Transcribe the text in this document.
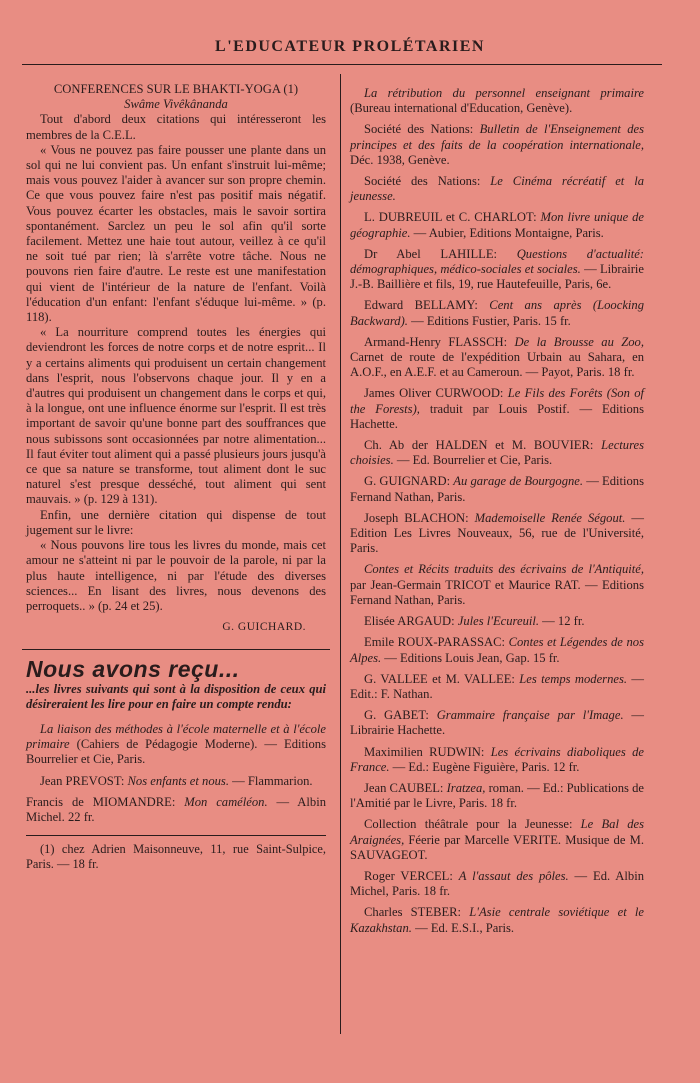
L'EDUCATEUR PROLÉTARIEN

CONFERENCES SUR LE BHAKTI-YOGA (1)

Swâme Vivêkânanda

Tout d'abord deux citations qui intéresseront les membres de la C.E.L.

« Vous ne pouvez pas faire pousser une plante dans un sol qui ne lui convient pas. Un enfant s'instruit lui-même; mais vous pouvez l'aider à avancer sur son propre chemin. Ce que vous pouvez faire n'est pas positif mais négatif. Vous pouvez écarter les obstacles, mais le savoir sortira spontanément. Sarclez un peu le sol afin qu'il sorte facilement. Mettez une haie tout autour, veillez à ce qu'il ne soit tué par rien; là s'arrête votre tâche. Nous ne pouvons rien faire d'autre. Le reste est une manifestation qui vient de l'intérieur de la nature de l'enfant. Voilà l'éducation d'un enfant: l'enfant s'éduque lui-même. » (p. 118).

« La nourriture comprend toutes les énergies qui deviendront les forces de notre corps et de notre esprit... Il y a certains aliments qui produisent un certain changement dans l'esprit, nous l'observons chaque jour. Il y en a d'autres qui produisent un changement dans le corps et qui, à la longue, ont une influence énorme sur l'esprit. Il est très important de savoir qu'une bonne part des souffrances que nous subissons sont occasionnées par notre alimentation... Il faut éviter tout aliment qui a passé plusieurs jours jusqu'à ce que sa nature se transforme, tout aliment dont le suc naturel s'est presque desséché, tout aliment qui sent mauvais. » (p. 129 à 131).

Enfin, une dernière citation qui dispense de tout jugement sur le livre:

« Nous pouvons lire tous les livres du monde, mais cet amour ne s'atteint ni par le pouvoir de la parole, ni par la plus haute intelligence, ni par l'étude des diverses sciences... En lisant des livres, nous devenons des perroquets.. » (p. 24 et 25).

G. GUICHARD.

Nous avons reçu...

...les livres suivants qui sont à la disposition de ceux qui désireraient les lire pour en faire un compte rendu:

La liaison des méthodes à l'école maternelle et à l'école primaire (Cahiers de Pédagogie Moderne). — Editions Bourrelier et Cie, Paris.

Jean PREVOST: Nos enfants et nous. — Flammarion.

Francis de MIOMANDRE: Mon caméléon. — Albin Michel. 22 fr.

(1) chez Adrien Maisonneuve, 11, rue Saint-Sulpice, Paris. — 18 fr.

La rétribution du personnel enseignant primaire (Bureau international d'Education, Genève).

Société des Nations: Bulletin de l'Enseignement des principes et des faits de la coopération internationale, Déc. 1938, Genève.

Société des Nations: Le Cinéma récréatif et la jeunesse.

L. DUBREUIL et C. CHARLOT: Mon livre unique de géographie. — Aubier, Editions Montaigne, Paris.

Dr Abel LAHILLE: Questions d'actualité: démographiques, médico-sociales et sociales. — Librairie J.-B. Baillière et fils, 19, rue Hautefeuille, Paris, 6e.

Edward BELLAMY: Cent ans après (Loocking Backward). — Editions Fustier, Paris. 15 fr.

Armand-Henry FLASSCH: De la Brousse au Zoo, Carnet de route de l'expédition Urbain au Sahara, en A.O.F., en A.E.F. et au Cameroun. — Payot, Paris. 18 fr.

James Oliver CURWOOD: Le Fils des Forêts (Son of the Forests), traduit par Louis Postif. — Editions Hachette.

Ch. Ab der HALDEN et M. BOUVIER: Lectures choisies. — Ed. Bourrelier et Cie, Paris.

G. GUIGNARD: Au garage de Bourgogne. — Editions Fernand Nathan, Paris.

Joseph BLACHON: Mademoiselle Renée Ségout. — Edition Les Livres Nouveaux, 56, rue de l'Université, Paris.

Contes et Récits traduits des écrivains de l'Antiquité, par Jean-Germain TRICOT et Maurice RAT. — Editions Fernand Nathan, Paris.

Elisée ARGAUD: Jules l'Ecureuil. — 12 fr.

Emile ROUX-PARASSAC: Contes et Légendes de nos Alpes. — Editions Louis Jean, Gap. 15 fr.

G. VALLEE et M. VALLEE: Les temps modernes. — Edit.: F. Nathan.

G. GABET: Grammaire française par l'Image. — Librairie Hachette.

Maximilien RUDWIN: Les écrivains diaboliques de France. — Ed.: Eugène Figuière, Paris. 12 fr.

Jean CAUBEL: Iratzea, roman. — Ed.: Publications de l'Amitié par le Livre, Paris. 18 fr.

Collection théâtrale pour la Jeunesse: Le Bal des Araignées, Féerie par Marcelle VERITE. Musique de M. SAUVAGEOT.

Roger VERCEL: A l'assaut des pôles. — Ed. Albin Michel, Paris. 18 fr.

Charles STEBER: L'Asie centrale soviétique et le Kazakhstan. — Ed. E.S.I., Paris.
